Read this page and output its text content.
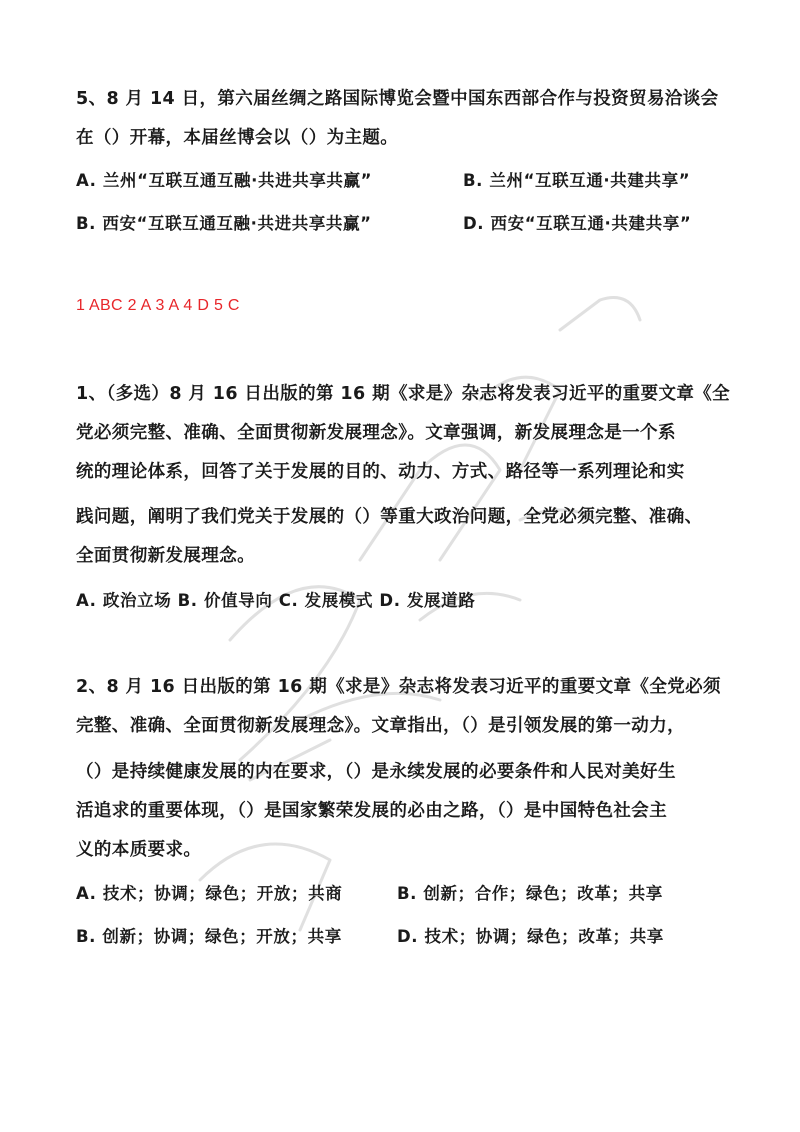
5、8 月 14 日，第六届丝绸之路国际博览会暨中国东西部合作与投资贸易洽谈会
在（）开幕，本届丝博会以（）为主题。
A. 兰州“互联互通互融·共进共享共赢”	B. 兰州“互联互通·共建共享”
B. 西安“互联互通互融·共进共享共赢”	D. 西安“互联互通·共建共享”
1 ABC 2 A 3 A 4 D 5 C
1、（多选）8 月 16 日出版的第 16 期《求是》杂志将发表习近平的重要文章《全
党必须完整、准确、全面贯彻新发展理念》。文章强调，新发展理念是一个系
统的理论体系，回答了关于发展的目的、动力、方式、路径等一系列理论和实
践问题，阐明了我们党关于发展的（）等重大政治问题，全党必须完整、准确、
全面贯彻新发展理念。
A. 政治立场 B. 价值导向 C. 发展模式 D. 发展道路
2、8 月 16 日出版的第 16 期《求是》杂志将发表习近平的重要文章《全党必须
完整、准确、全面贯彻新发展理念》。文章指出，（）是引领发展的第一动力，
（）是持续健康发展的内在要求，（）是永续发展的必要条件和人民对美好生
活追求的重要体现，（）是国家繁荣发展的必由之路，（）是中国特色社会主
义的本质要求。
A. 技术；协调；绿色；开放；共商	B. 创新；合作；绿色；改革；共享
B. 创新；协调；绿色；开放；共享	D. 技术；协调；绿色；改革；共享
